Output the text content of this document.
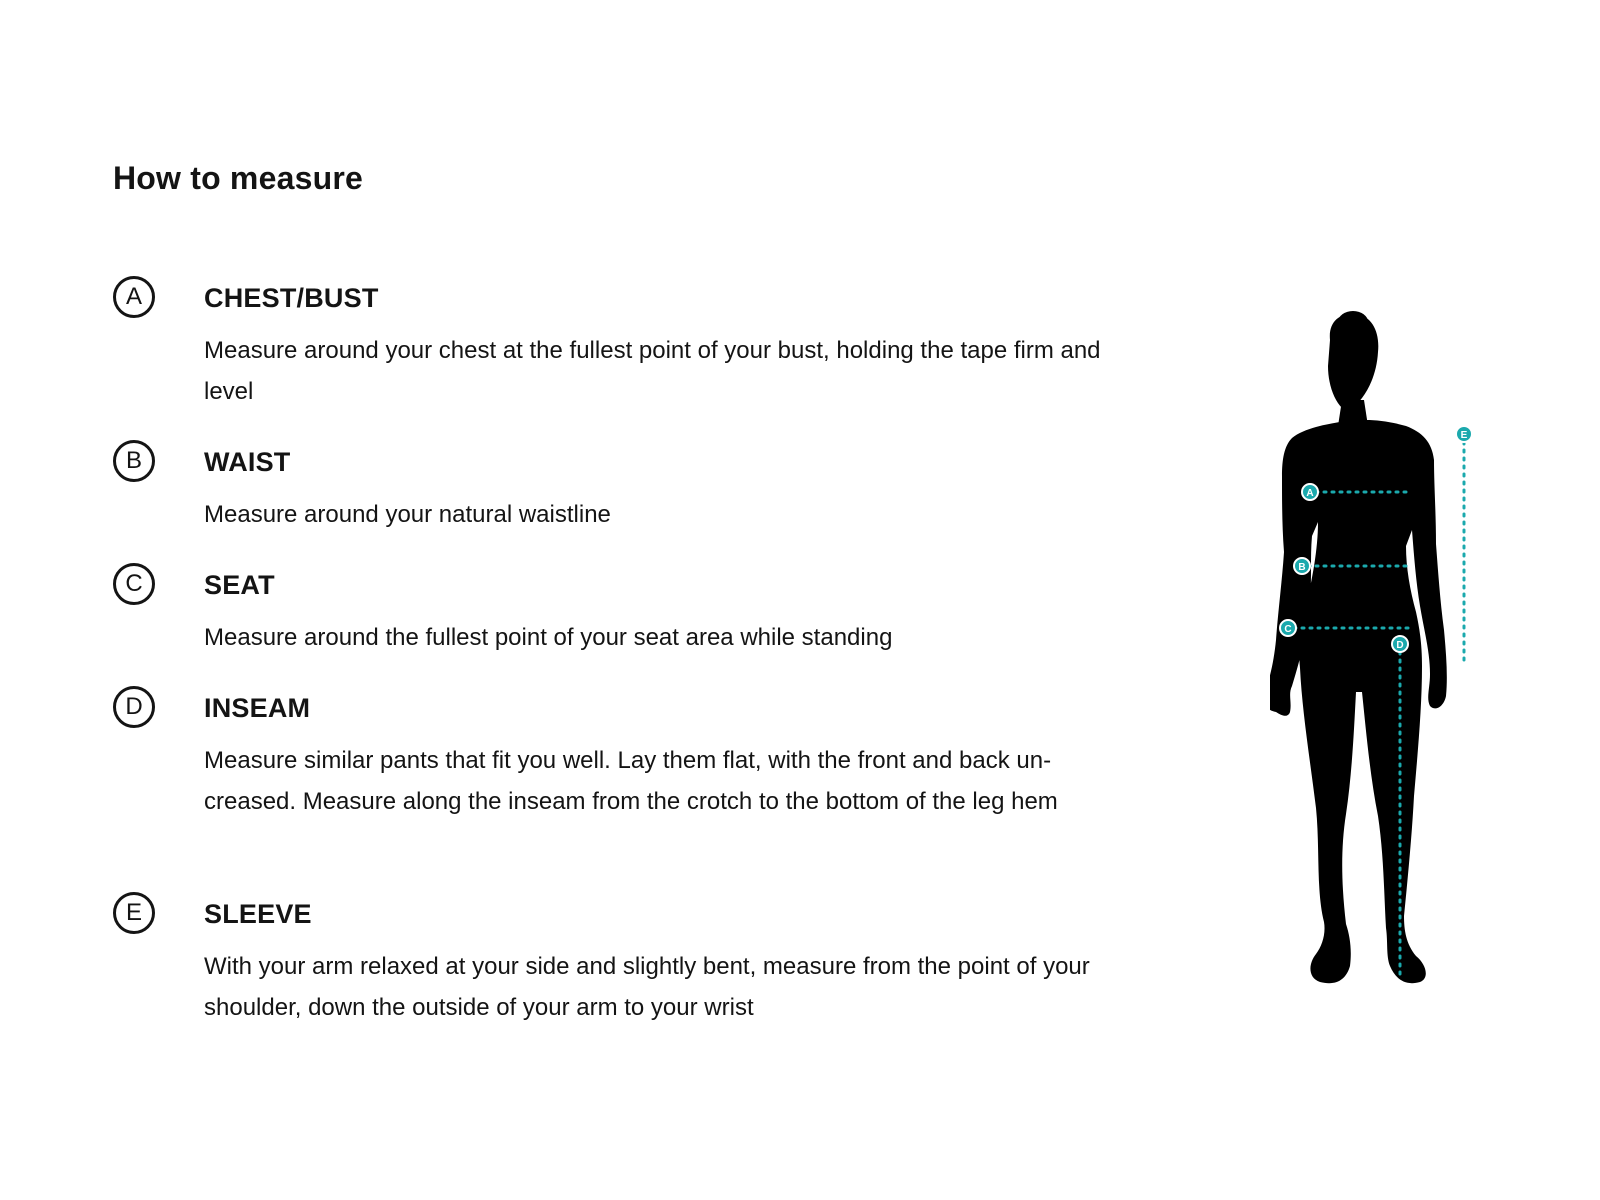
How to measure
A	CHEST/BUST

Measure around your chest at the fullest point of your bust, holding the tape firm and level

B	WAIST

Measure around your natural waistline

C	SEAT

Measure around the fullest point of your seat area while standing

D	INSEAM

Measure similar pants that fit you well. Lay them flat, with the front and back un-creased. Measure along the inseam from the crotch to the bottom of the leg hem

E	SLEEVE

With your arm relaxed at your side and slightly bent, measure from the point of your shoulder, down the outside of your arm to your wrist

A
B
C
D
E
